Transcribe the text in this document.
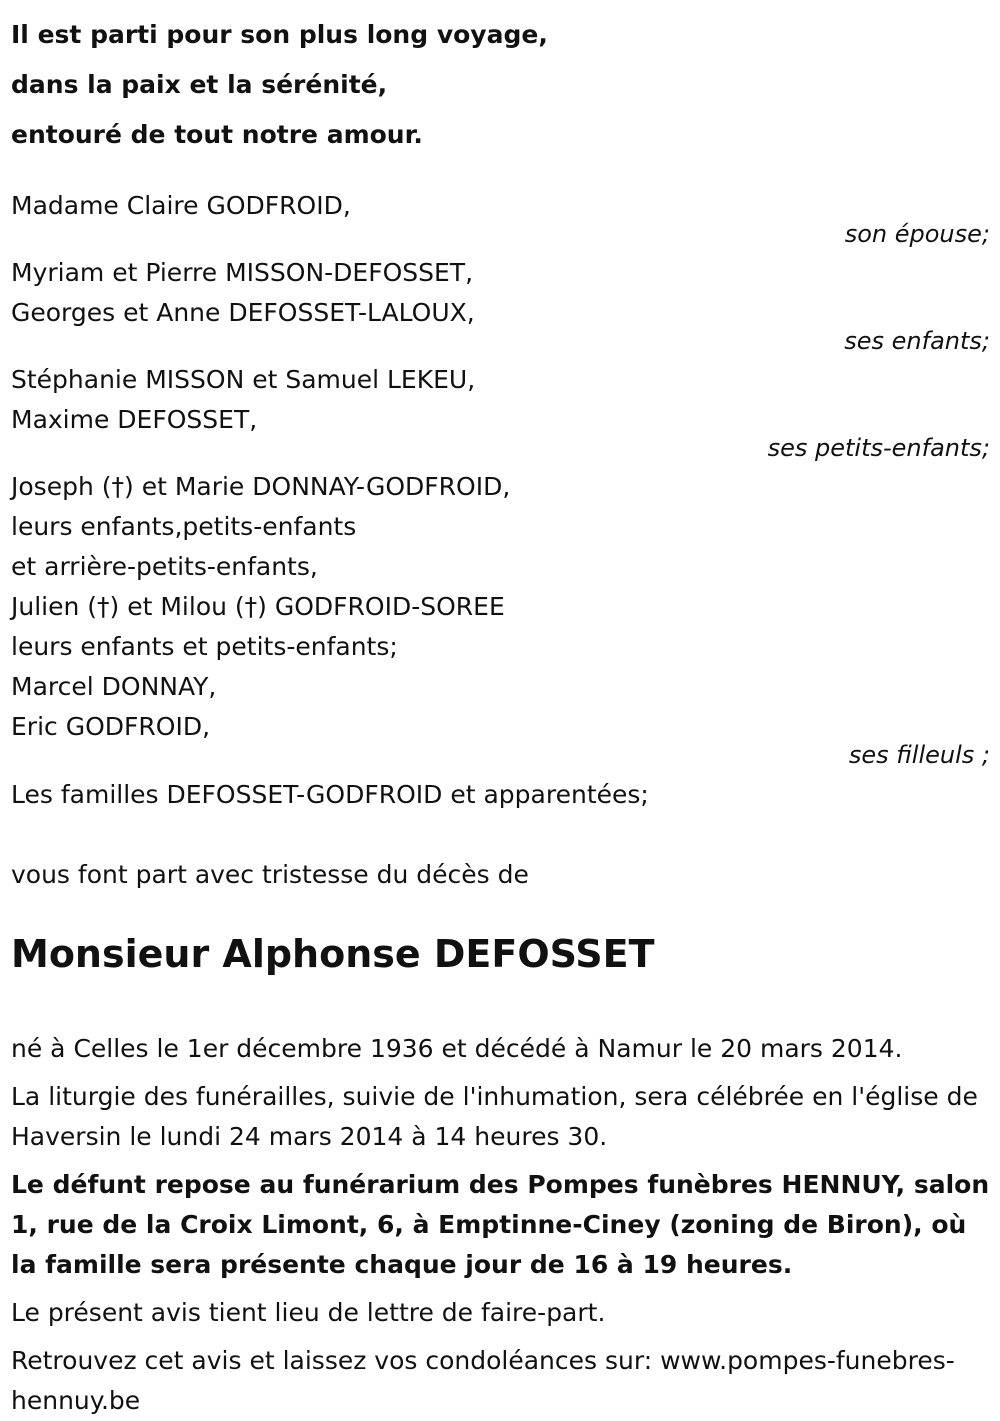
Il est parti pour son plus long voyage,

dans la paix et la sérénité,

entouré de tout notre amour.

Madame Claire GODFROID,
son épouse;
Myriam et Pierre MISSON-DEFOSSET,
Georges et Anne DEFOSSET-LALOUX,
ses enfants;
Stéphanie MISSON et Samuel LEKEU,
Maxime DEFOSSET,
ses petits-enfants;
Joseph (†) et Marie DONNAY-GODFROID,
leurs enfants,petits-enfants
et arrière-petits-enfants,
Julien (†) et Milou (†) GODFROID-SOREE
leurs enfants et petits-enfants;
Marcel DONNAY,
Eric GODFROID,
ses filleuls ;
Les familles DEFOSSET-GODFROID et apparentées;
vous font part avec tristesse du décès de
Monsieur Alphonse DEFOSSET

né à Celles le 1er décembre 1936 et décédé à Namur le 20 mars 2014.

La liturgie des funérailles, suivie de l'inhumation, sera célébrée en l'église de Haversin le lundi 24 mars 2014 à 14 heures 30.

Le défunt repose au funérarium des Pompes funèbres HENNUY, salon 1, rue de la Croix Limont, 6, à Emptinne-Ciney (zoning de Biron), où la famille sera présente chaque jour de 16 à 19 heures.

Le présent avis tient lieu de lettre de faire-part.

Retrouvez cet avis et laissez vos condoléances sur: www.pompes-funebres-hennuy.be
